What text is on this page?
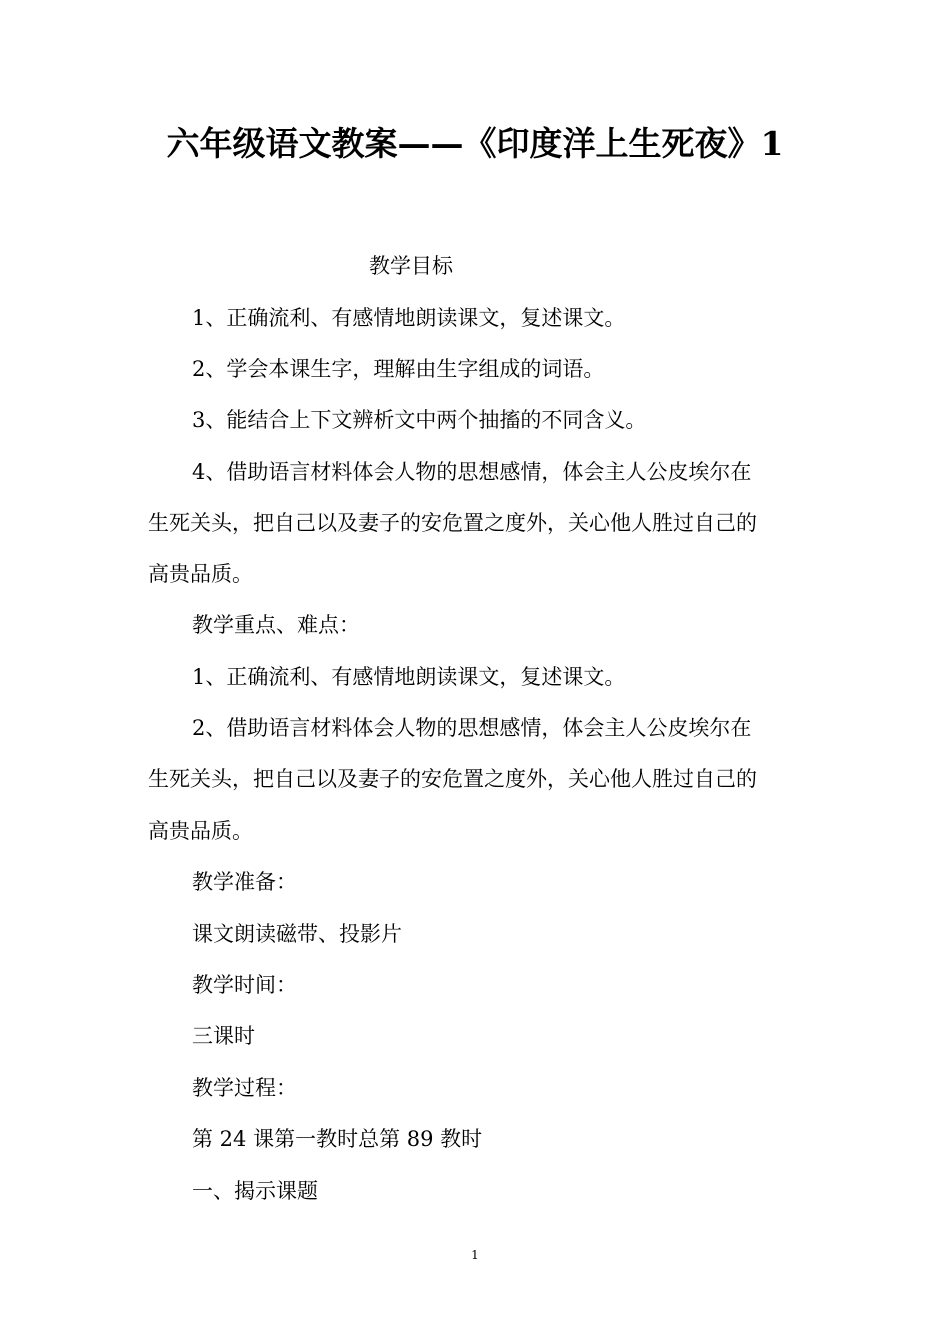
六年级语文教案——《印度洋上生死夜》1
教学目标
1、正确流利、有感情地朗读课文，复述课文。
2、学会本课生字，理解由生字组成的词语。
3、能结合上下文辨析文中两个抽搐的不同含义。
4、借助语言材料体会人物的思想感情，体会主人公皮埃尔在
生死关头，把自己以及妻子的安危置之度外，关心他人胜过自己的
高贵品质。
教学重点、难点：
1、正确流利、有感情地朗读课文，复述课文。
2、借助语言材料体会人物的思想感情，体会主人公皮埃尔在
生死关头，把自己以及妻子的安危置之度外，关心他人胜过自己的
高贵品质。
教学准备：
课文朗读磁带、投影片
教学时间：
三课时
教学过程：
第 24 课第一教时总第 89 教时
一、揭示课题
1
